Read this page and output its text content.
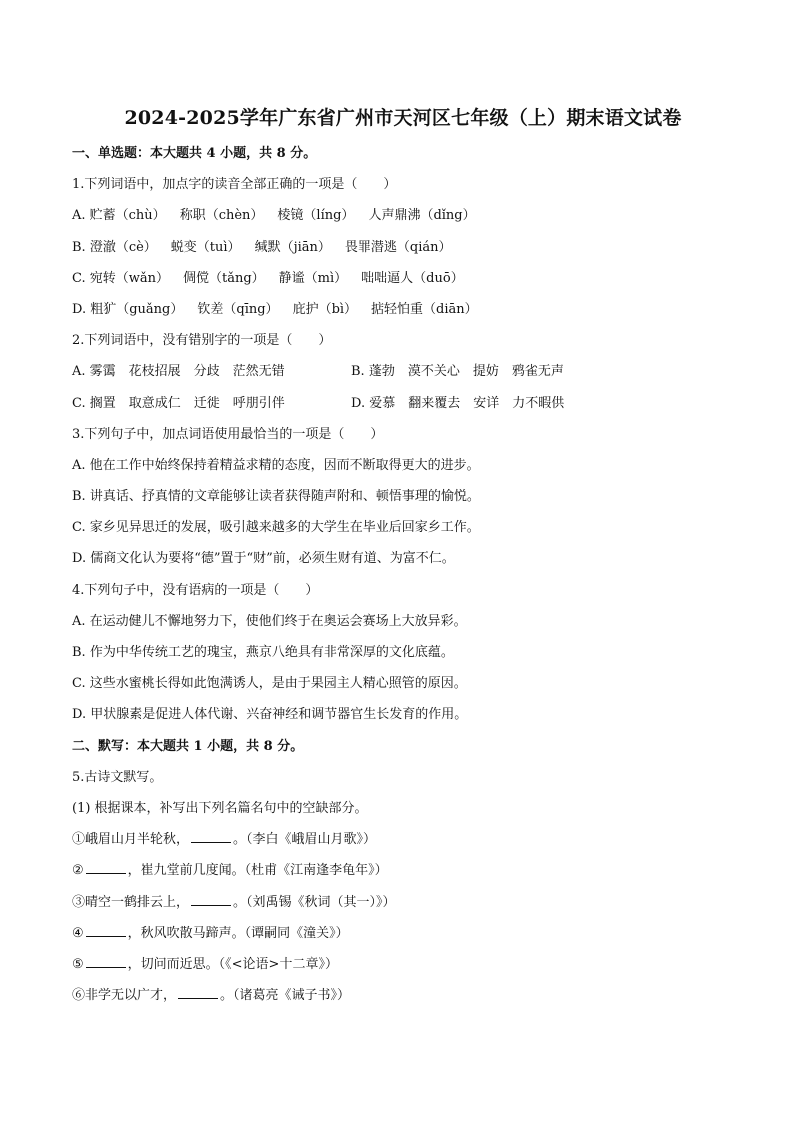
2024-2025学年广东省广州市天河区七年级（上）期末语文试卷
一、单选题：本大题共 4 小题，共 8 分。
1.下列词语中，加点字的读音全部正确的一项是（　　）
A. 贮蓄（chù） 称职（chèn） 棱镜（líng） 人声鼎沸（dǐng）
B. 澄澈（cè） 蜕变（tuì） 缄默（jiān） 畏罪潜逃（qián）
C. 宛转（wǎn） 倜傥（tǎng） 静谧（mì） 咄咄逼人（duō）
D. 粗犷（guǎng） 钦差（qīng） 庇护（bì） 掂轻怕重（diān）
2.下列词语中，没有错别字的一项是（　　）
A. 雾霭　花枝招展　分歧　茫然无错	B. 蓬勃　漠不关心　提妨　鸦雀无声
C. 搁置　取意成仁　迁徙　呼朋引伴	D. 爱慕　翻来覆去　安详　力不暇供
3.下列句子中，加点词语使用最恰当的一项是（　　）
A. 他在工作中始终保持着精益求精的态度，因而不断取得更大的进步。
B. 讲真话、抒真情的文章能够让读者获得随声附和、顿悟事理的愉悦。
C. 家乡见异思迁的发展，吸引越来越多的大学生在毕业后回家乡工作。
D. 儒商文化认为要将“德”置于“财”前，必须生财有道、为富不仁。
4.下列句子中，没有语病的一项是（　　）
A. 在运动健儿不懈地努力下，使他们终于在奥运会赛场上大放异彩。
B. 作为中华传统工艺的瑰宝，燕京八绝具有非常深厚的文化底蕴。
C. 这些水蜜桃长得如此饱满诱人，是由于果园主人精心照管的原因。
D. 甲状腺素是促进人体代谢、兴奋神经和调节器官生长发育的作用。
二、默写：本大题共 1 小题，共 8 分。
5.古诗文默写。
(1) 根据课本，补写出下列名篇名句中的空缺部分。
①峨眉山月半轮秋，	。（李白《峨眉山月歌》）
②	，崔九堂前几度闻。（杜甫《江南逢李龟年》）
③晴空一鹤排云上，	。（刘禹锡《秋词（其一）》）
④	，秋风吹散马蹄声。（谭嗣同《潼关》）
⑤	，切问而近思。（《<论语>十二章》）
⑥非学无以广才，	。（诸葛亮《诫子书》）
